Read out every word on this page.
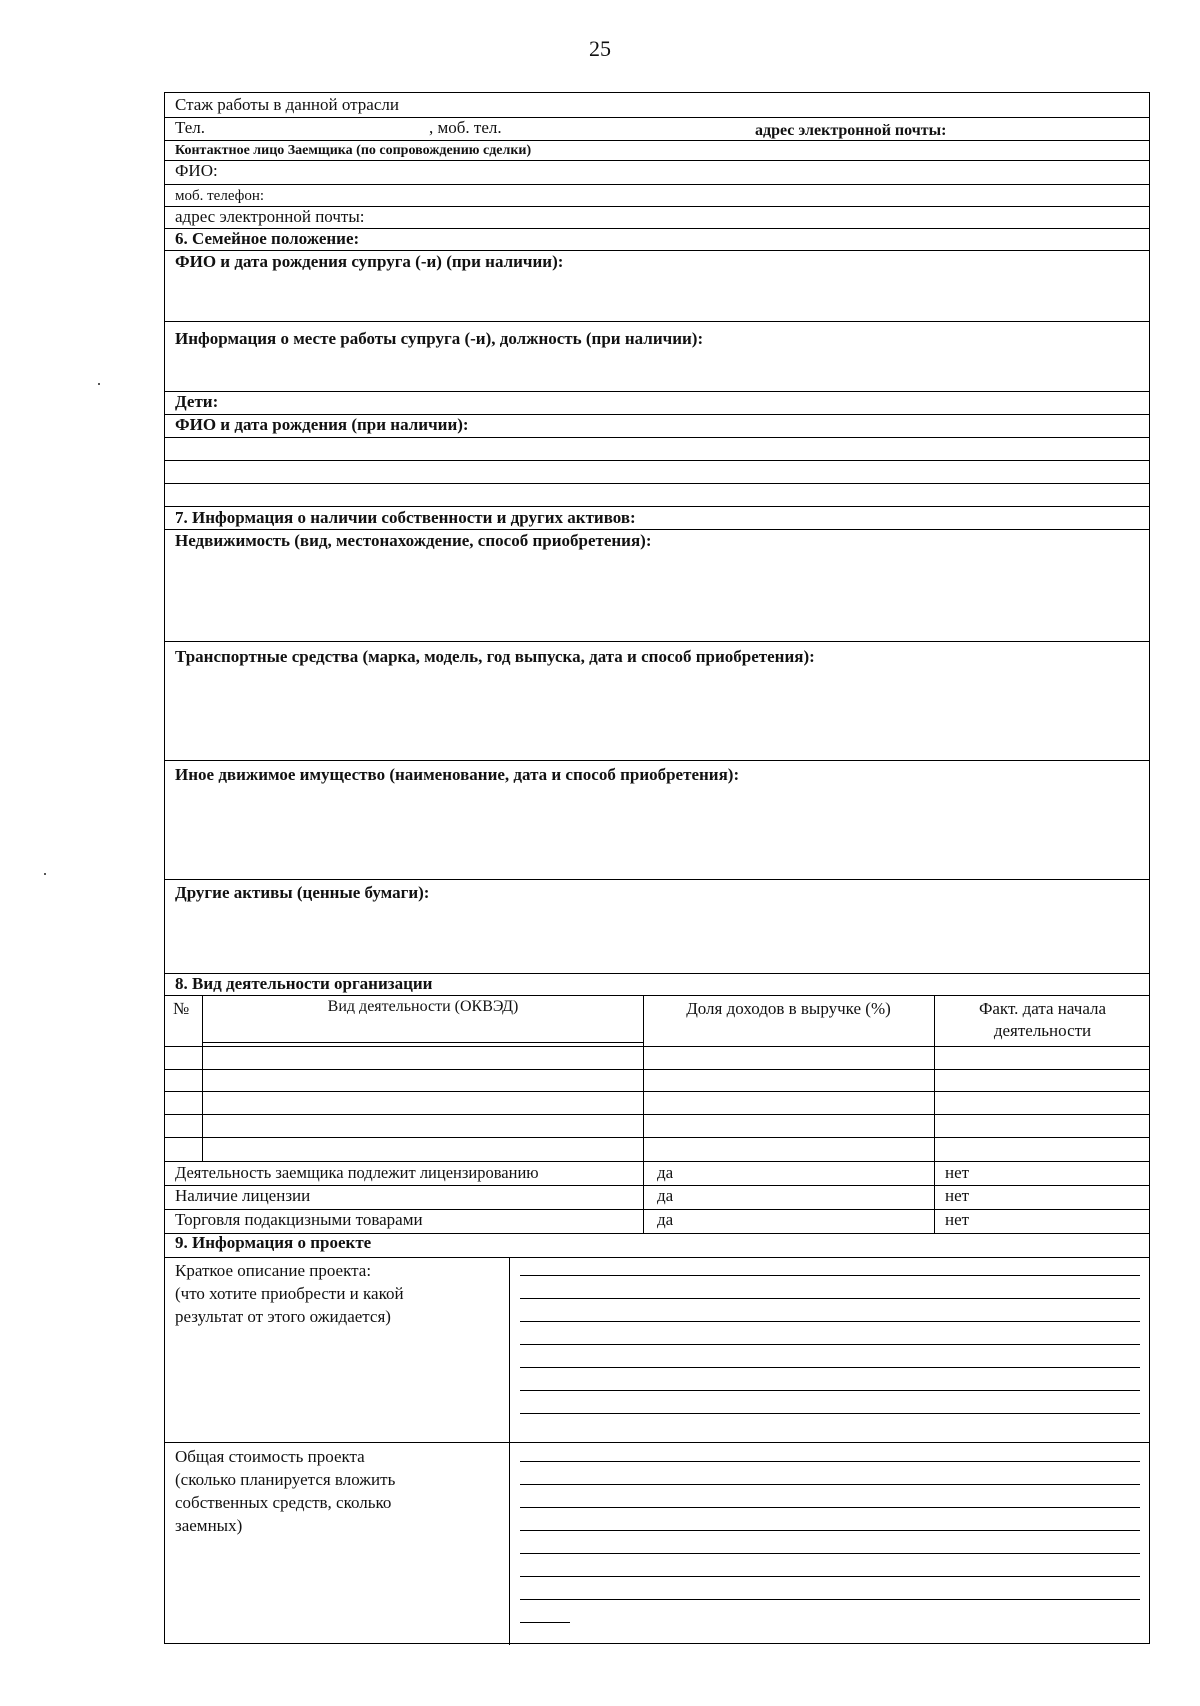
25
Стаж работы в данной отрасли
Тел.	, моб. тел.	адрес электронной почты:
Контактное лицо Заемщика (по сопровождению сделки)
ФИО:
моб. телефон:
адрес электронной почты:
6. Семейное положение:
ФИО и дата рождения супруга (-и) (при наличии):
Информация о месте работы супруга (-и), должность (при наличии):
Дети:
ФИО и дата рождения (при наличии):
7. Информация о наличии собственности и других активов:
Недвижимость (вид, местонахождение, способ приобретения):
Транспортные средства (марка, модель, год выпуска, дата и способ приобретения):
Иное движимое имущество (наименование, дата и способ приобретения):
Другие активы (ценные бумаги):
8. Вид деятельности организации
№	Вид деятельности (ОКВЭД)	Доля доходов в выручке (%)	Факт. дата начала
деятельности
Деятельность заемщика подлежит лицензированию	да	нет
Наличие лицензии	да	нет
Торговля подакцизными товарами	да	нет
9. Информация о проекте
Краткое описание проекта:
(что хотите приобрести и какой
результат от этого ожидается)
Общая стоимость проекта
(сколько планируется вложить
собственных средств, сколько
заемных)
